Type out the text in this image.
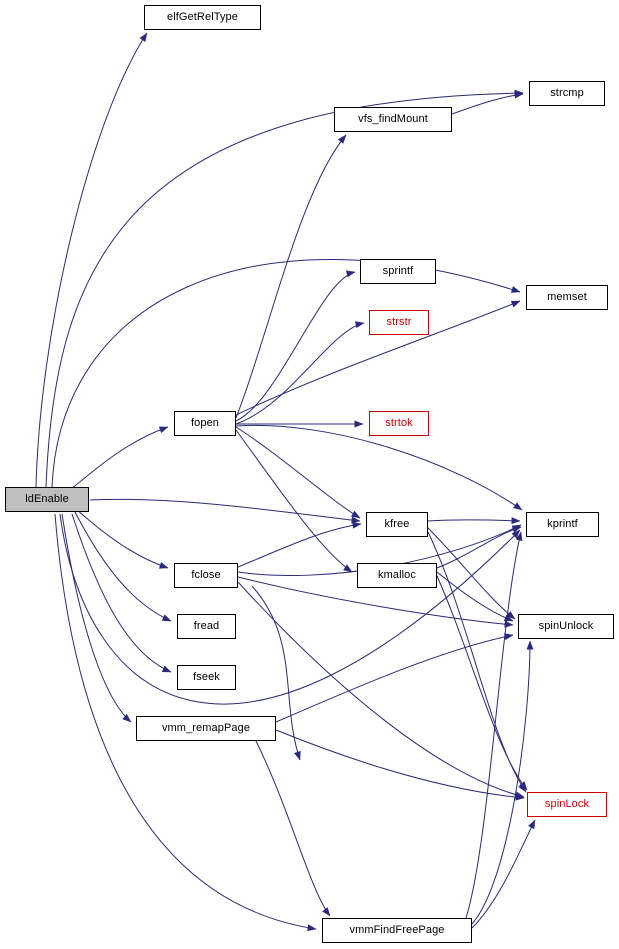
ldEnable
elfGetRelType
vfs_findMount
strcmp
sprintf
strstr
memset
fopen	strtok
kfree	kprintf
fclose	kmalloc
spinUnlock
fread
fseek
vmm_remapPage
spinLock
vmmFindFreePage
